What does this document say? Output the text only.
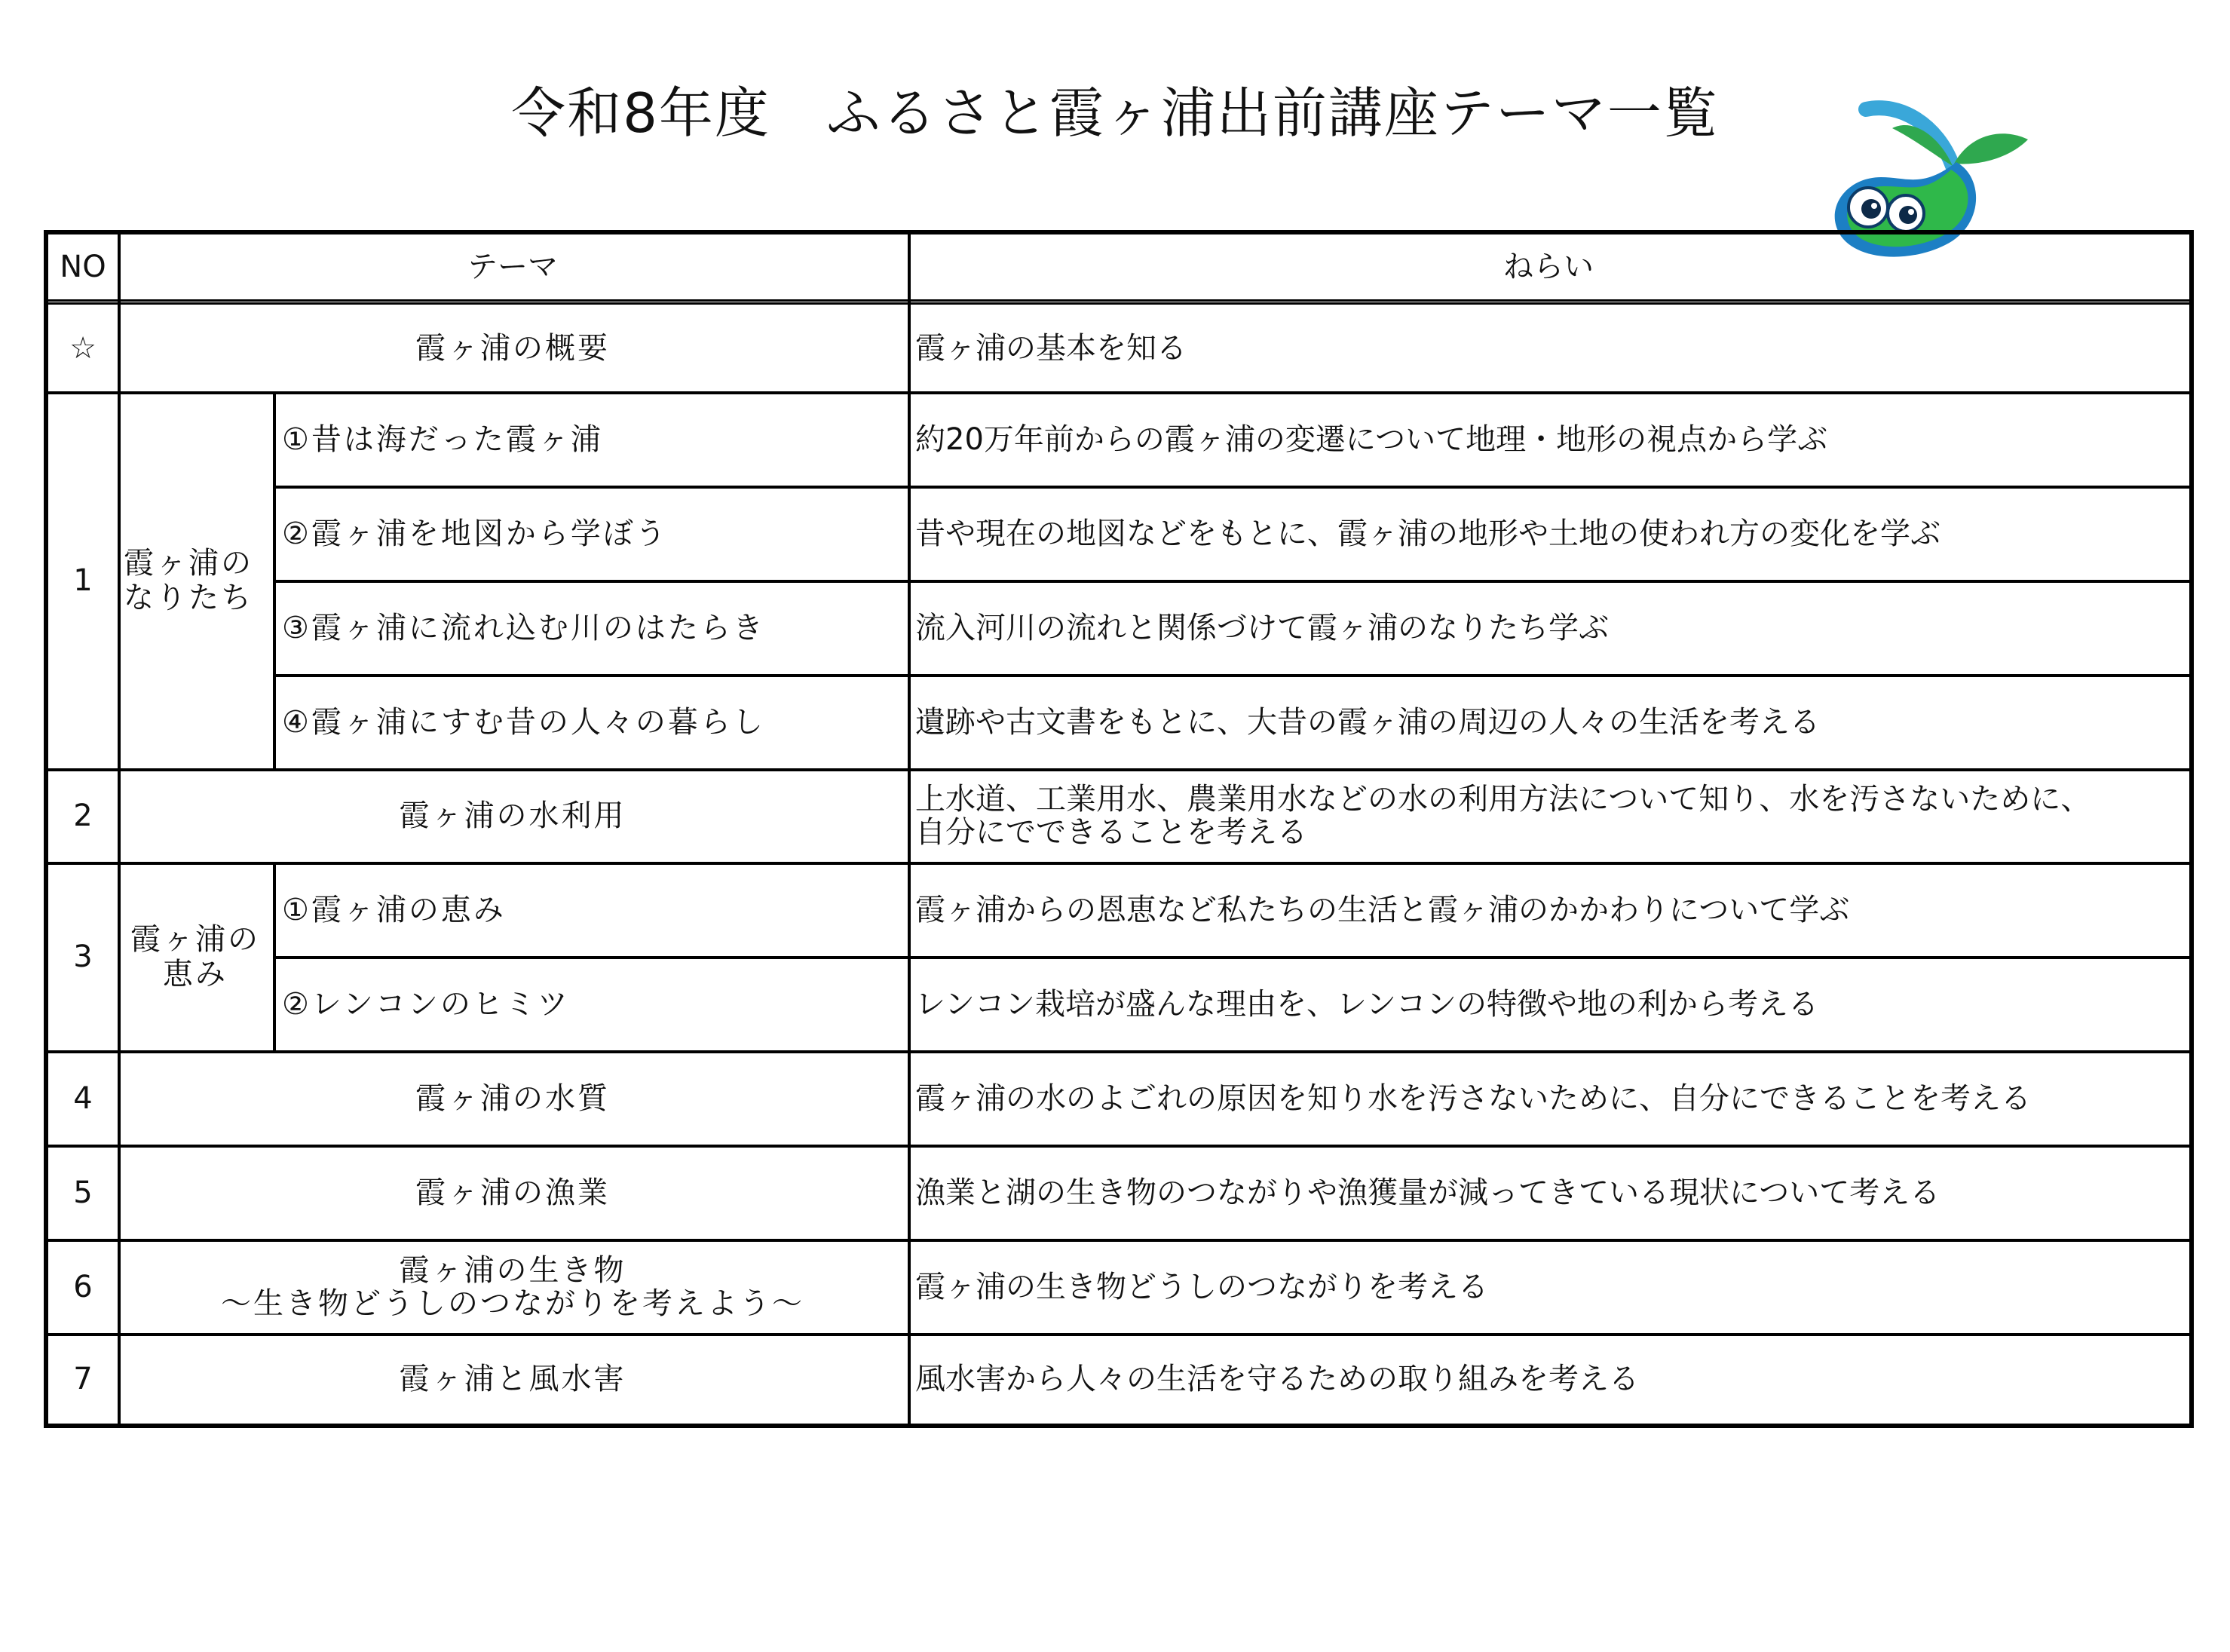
令和8年度　ふるさと霞ヶ浦出前講座テーマ一覧
NO	テーマ	ねらい
☆	霞ヶ浦の概要	霞ヶ浦の基本を知る
1	霞ヶ浦の
なりたち
①昔は海だった霞ヶ浦	約20万年前からの霞ヶ浦の変遷について地理・地形の視点から学ぶ
②霞ヶ浦を地図から学ぼう	昔や現在の地図などをもとに、霞ヶ浦の地形や土地の使われ方の変化を学ぶ
③霞ヶ浦に流れ込む川のはたらき	流入河川の流れと関係づけて霞ヶ浦のなりたち学ぶ
④霞ヶ浦にすむ昔の人々の暮らし	遺跡や古文書をもとに、大昔の霞ヶ浦の周辺の人々の生活を考える
2	霞ヶ浦の水利用	上水道、工業用水、農業用水などの水の利用方法について知り、水を汚さないために、
自分にでできることを考える
3	霞ヶ浦の
恵み
①霞ヶ浦の恵み	霞ヶ浦からの恩恵など私たちの生活と霞ヶ浦のかかわりについて学ぶ
②レンコンのヒミツ	レンコン栽培が盛んな理由を、レンコンの特徴や地の利から考える
4	霞ヶ浦の水質	霞ヶ浦の水のよごれの原因を知り水を汚さないために、自分にできることを考える
5	霞ヶ浦の漁業	漁業と湖の生き物のつながりや漁獲量が減ってきている現状について考える
6	霞ヶ浦の生き物
～生き物どうしのつながりを考えよう～	霞ヶ浦の生き物どうしのつながりを考える
7	霞ヶ浦と風水害	風水害から人々の生活を守るための取り組みを考える
